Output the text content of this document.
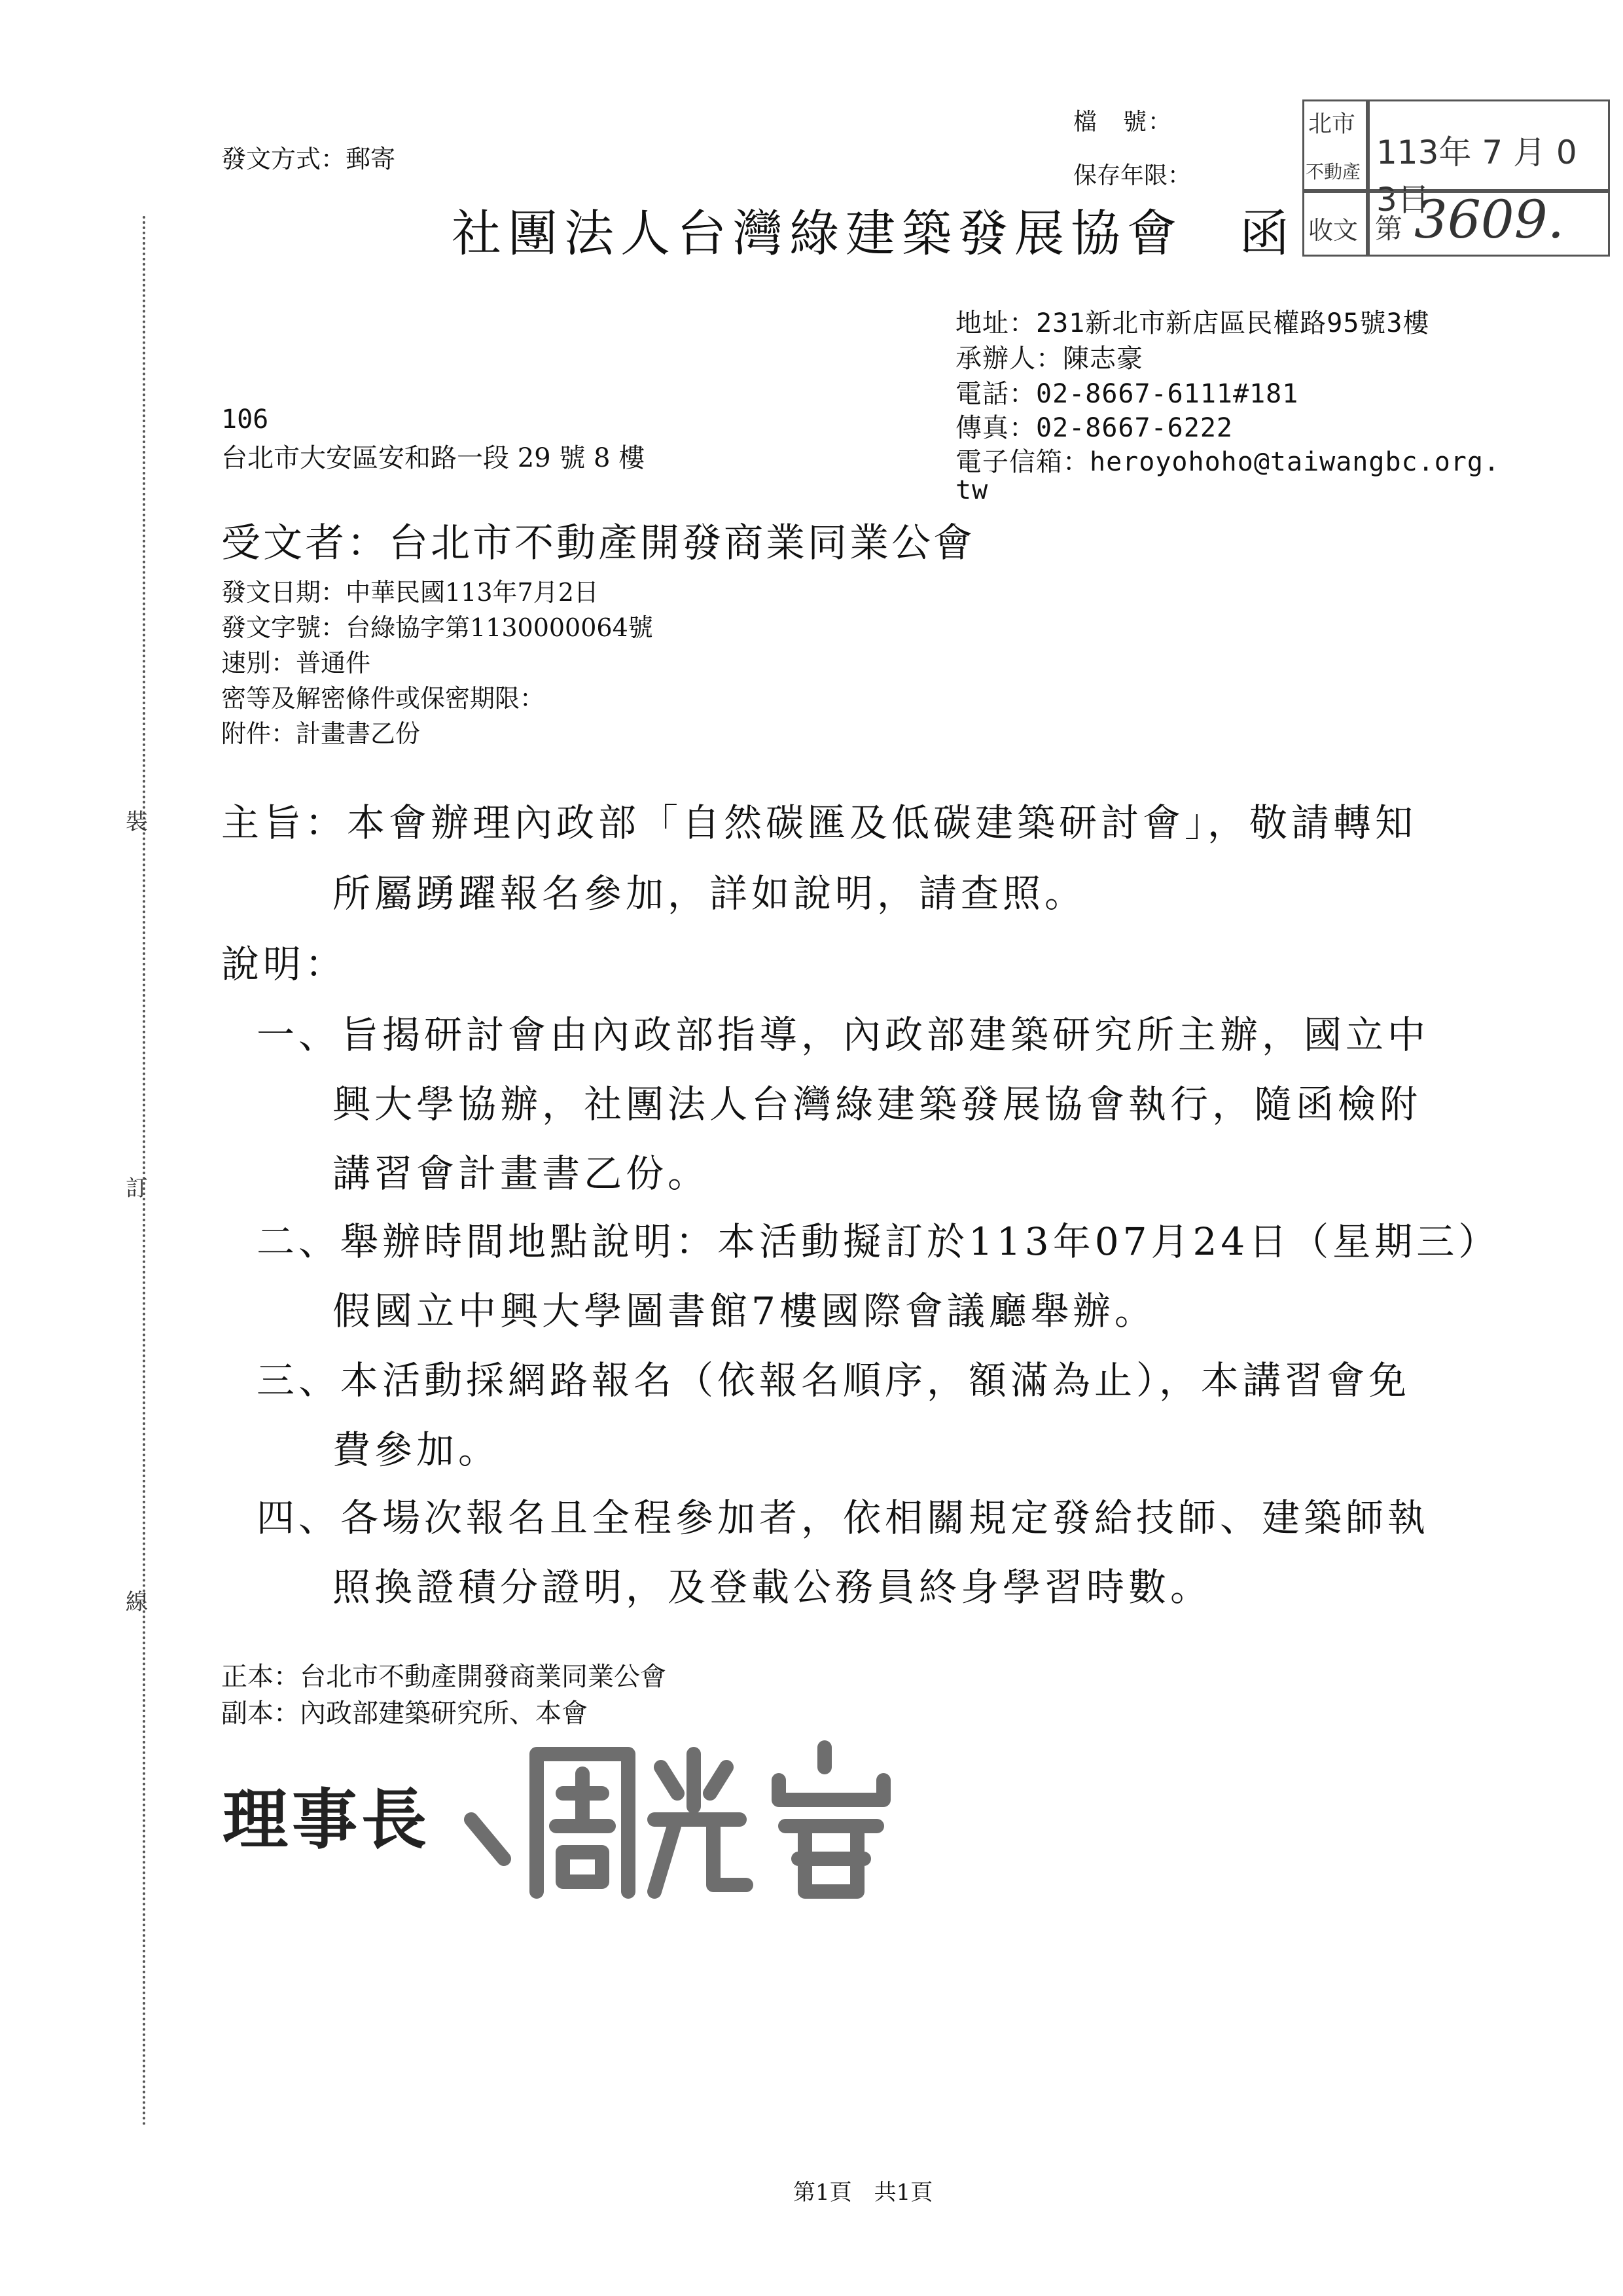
裝
訂
線
發文方式：郵寄
檔　號：
保存年限：
社團法人台灣綠建築發展協會　函
北市
不動產
收文
113年 7 月 0 3日
第 3609.
地址：231新北市新店區民權路95號3樓
承辦人：陳志豪
電話：02-8667-6111#181
傳真：02-8667-6222
電子信箱：heroyohoho@taiwangbc.org.
tw
106
台北市大安區安和路一段 29 號 8 樓
受文者：台北市不動產開發商業同業公會
發文日期：中華民國113年7月2日
發文字號：台綠協字第1130000064號
速別：普通件
密等及解密條件或保密期限：
附件：計畫書乙份
主旨：本會辦理內政部「自然碳匯及低碳建築研討會」，敬請轉知
所屬踴躍報名參加，詳如說明，請查照。
說明：
一、旨揭研討會由內政部指導，內政部建築研究所主辦，國立中
興大學協辦，社團法人台灣綠建築發展協會執行，隨函檢附
講習會計畫書乙份。
二、舉辦時間地點說明：本活動擬訂於113年07月24日（星期三）
假國立中興大學圖書館7樓國際會議廳舉辦。
三、本活動採網路報名（依報名順序，額滿為止），本講習會免
費參加。
四、各場次報名且全程參加者，依相關規定發給技師、建築師執
照換證積分證明，及登載公務員終身學習時數。
正本：台北市不動產開發商業同業公會
副本：內政部建築研究所、本會
理事長
第1頁　共1頁
